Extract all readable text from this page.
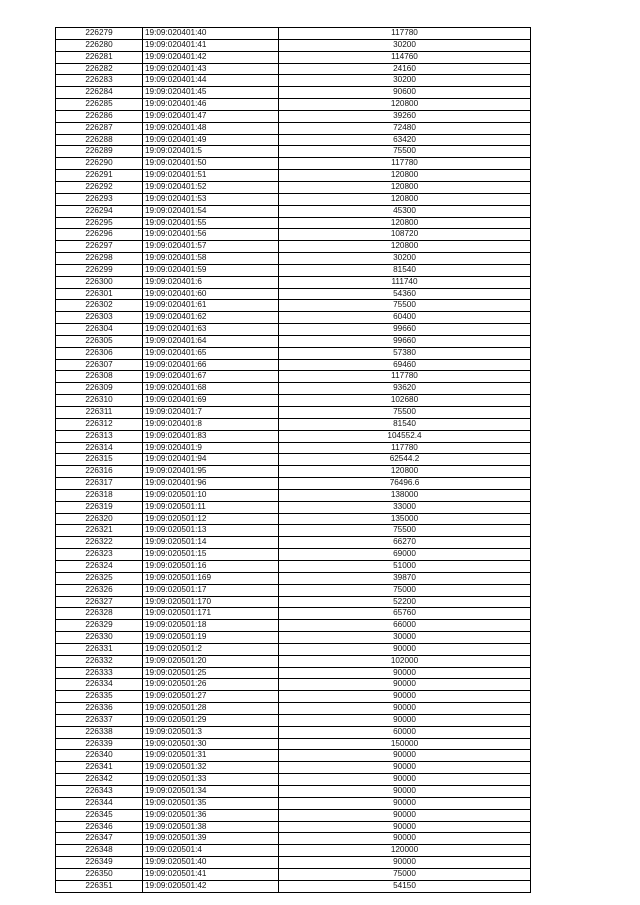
226279	19:09:020401:40	117780
226280	19:09:020401:41	30200
226281	19:09:020401:42	114760
226282	19:09:020401:43	24160
226283	19:09:020401:44	30200
226284	19:09:020401:45	90600
226285	19:09:020401:46	120800
226286	19:09:020401:47	39260
226287	19:09:020401:48	72480
226288	19:09:020401:49	63420
226289	19:09:020401:5	75500
226290	19:09:020401:50	117780
226291	19:09:020401:51	120800
226292	19:09:020401:52	120800
226293	19:09:020401:53	120800
226294	19:09:020401:54	45300
226295	19:09:020401:55	120800
226296	19:09:020401:56	108720
226297	19:09:020401:57	120800
226298	19:09:020401:58	30200
226299	19:09:020401:59	81540
226300	19:09:020401:6	111740
226301	19:09:020401:60	54360
226302	19:09:020401:61	75500
226303	19:09:020401:62	60400
226304	19:09:020401:63	99660
226305	19:09:020401:64	99660
226306	19:09:020401:65	57380
226307	19:09:020401:66	69460
226308	19:09:020401:67	117780
226309	19:09:020401:68	93620
226310	19:09:020401:69	102680
226311	19:09:020401:7	75500
226312	19:09:020401:8	81540
226313	19:09:020401:83	104552.4
226314	19:09:020401:9	117780
226315	19:09:020401:94	62544.2
226316	19:09:020401:95	120800
226317	19:09:020401:96	76496.6
226318	19:09:020501:10	138000
226319	19:09:020501:11	33000
226320	19:09:020501:12	135000
226321	19:09:020501:13	75500
226322	19:09:020501:14	66270
226323	19:09:020501:15	69000
226324	19:09:020501:16	51000
226325	19:09:020501:169	39870
226326	19:09:020501:17	75000
226327	19:09:020501:170	52200
226328	19:09:020501:171	65760
226329	19:09:020501:18	66000
226330	19:09:020501:19	30000
226331	19:09:020501:2	90000
226332	19:09:020501:20	102000
226333	19:09:020501:25	90000
226334	19:09:020501:26	90000
226335	19:09:020501:27	90000
226336	19:09:020501:28	90000
226337	19:09:020501:29	90000
226338	19:09:020501:3	60000
226339	19:09:020501:30	150000
226340	19:09:020501:31	90000
226341	19:09:020501:32	90000
226342	19:09:020501:33	90000
226343	19:09:020501:34	90000
226344	19:09:020501:35	90000
226345	19:09:020501:36	90000
226346	19:09:020501:38	90000
226347	19:09:020501:39	90000
226348	19:09:020501:4	120000
226349	19:09:020501:40	90000
226350	19:09:020501:41	75000
226351	19:09:020501:42	54150
